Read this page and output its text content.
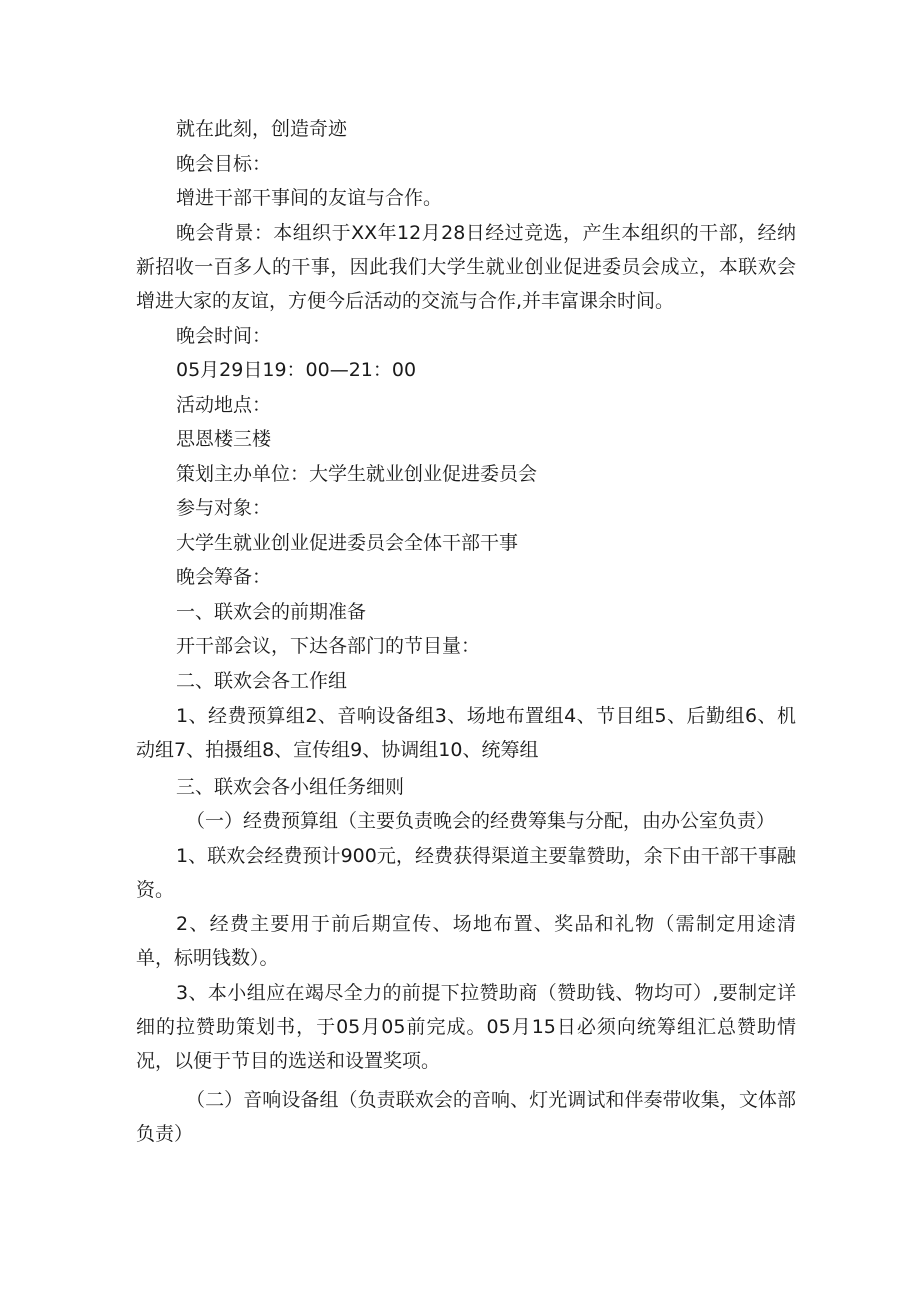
就在此刻，创造奇迹
晚会目标：
增进干部干事间的友谊与合作。
晚会背景：本组织于XX年12月28日经过竞选，产生本组织的干部，经纳新招收一百多人的干事，因此我们大学生就业创业促进委员会成立，本联欢会增进大家的友谊，方便今后活动的交流与合作,并丰富课余时间。
晚会时间：
05月29日19：00—21：00
活动地点：
思恩楼三楼
策划主办单位：大学生就业创业促进委员会
参与对象：
大学生就业创业促进委员会全体干部干事
晚会筹备：
一、联欢会的前期准备
开干部会议，下达各部门的节目量：
二、联欢会各工作组
1、经费预算组2、音响设备组3、场地布置组4、节目组5、后勤组6、机动组7、拍摄组8、宣传组9、协调组10、统筹组
三、联欢会各小组任务细则
（一）经费预算组（主要负责晚会的经费筹集与分配，由办公室负责）
1、联欢会经费预计900元，经费获得渠道主要靠赞助，余下由干部干事融资。
2、经费主要用于前后期宣传、场地布置、奖品和礼物（需制定用途清单，标明钱数）。
3、本小组应在竭尽全力的前提下拉赞助商（赞助钱、物均可）,要制定详细的拉赞助策划书，于05月05前完成。05月15日必须向统筹组汇总赞助情况，以便于节目的选送和设置奖项。
（二）音响设备组（负责联欢会的音响、灯光调试和伴奏带收集，文体部负责）
